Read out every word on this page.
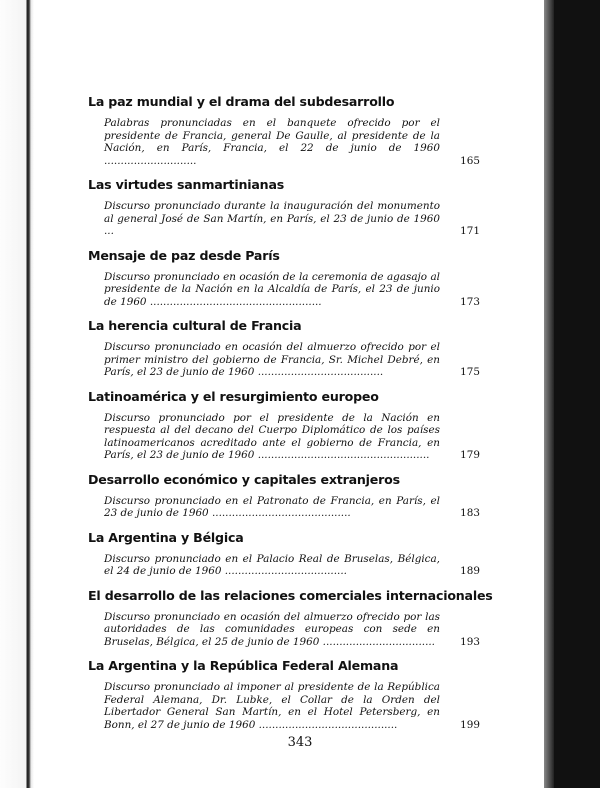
La paz mundial y el drama del subdesarrollo
Palabras pronunciadas en el banquete ofrecido por el presidente de Francia, general De Gaulle, al presidente de la Nación, en París, Francia, el 22 de junio de 1960 ............................	165
Las virtudes sanmartinianas
Discurso pronunciado durante la inauguración del monumento al general José de San Martín, en París, el 23 de junio de 1960 ...	171
Mensaje de paz desde París
Discurso pronunciado en ocasión de la ceremonia de agasajo al presidente de la Nación en la Alcaldía de París, el 23 de junio de 1960 ....................................................	173
La herencia cultural de Francia
Discurso pronunciado en ocasión del almuerzo ofrecido por el primer ministro del gobierno de Francia, Sr. Michel Debré, en París, el 23 de junio de 1960 ......................................	175
Latinoamérica y el resurgimiento europeo
Discurso pronunciado por el presidente de la Nación en respuesta al del decano del Cuerpo Diplomático de los países latinoamericanos acreditado ante el gobierno de Francia, en París, el 23 de junio de 1960 ....................................................	179
Desarrollo económico y capitales extranjeros
Discurso pronunciado en el Patronato de Francia, en París, el 23 de junio de 1960 ..........................................	183
La Argentina y Bélgica
Discurso pronunciado en el Palacio Real de Bruselas, Bélgica, el 24 de junio de 1960 .....................................	189
El desarrollo de las relaciones comerciales internacionales
Discurso pronunciado en ocasión del almuerzo ofrecido por las autoridades de las comunidades europeas con sede en Bruselas, Bélgica, el 25 de junio de 1960 ..................................	193
La Argentina y la República Federal Alemana
Discurso pronunciado al imponer al presidente de la República Federal Alemana, Dr. Lubke, el Collar de la Orden del Libertador General San Martín, en el Hotel Petersberg, en Bonn, el 27 de junio de 1960 ..........................................	199
343
